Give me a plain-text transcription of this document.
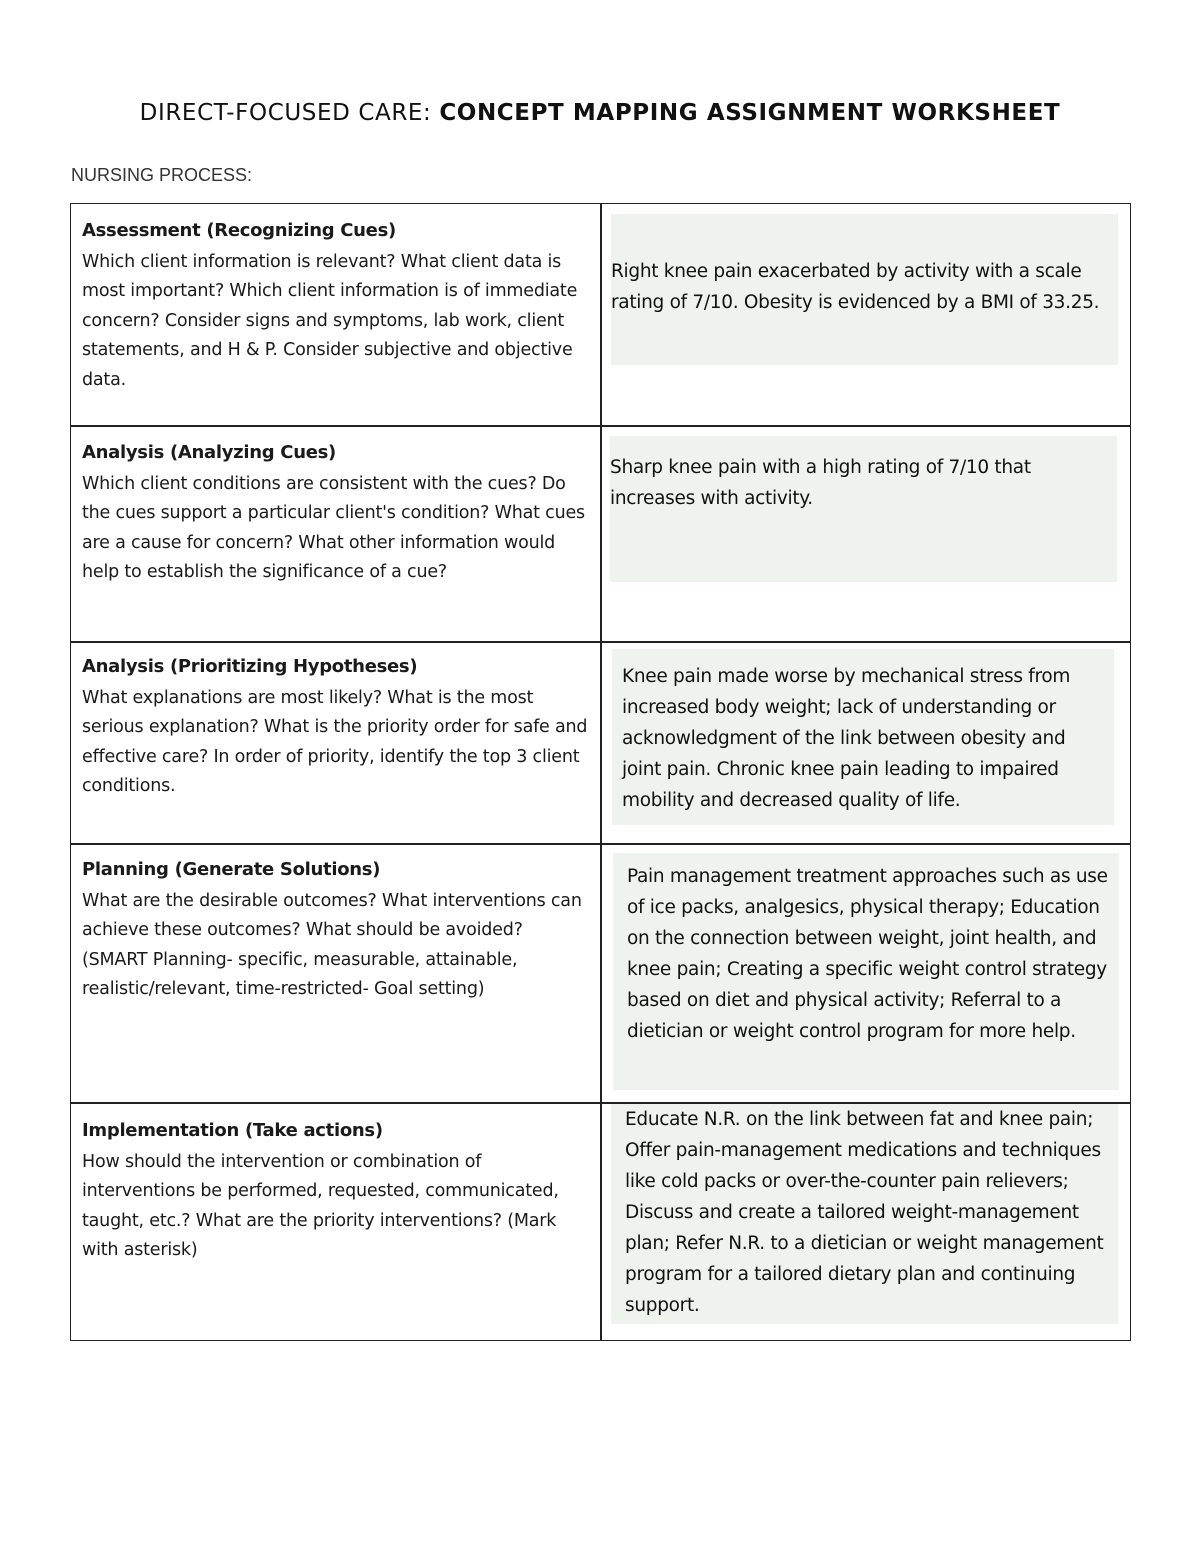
DIRECT-FOCUSED CARE: CONCEPT MAPPING ASSIGNMENT WORKSHEET
NURSING PROCESS:
Assessment (Recognizing Cues)
Which client information is relevant? What client data is most important? Which client information is of immediate concern? Consider signs and symptoms, lab work, client statements, and H & P. Consider subjective and objective data.
Right knee pain exacerbated by activity with a scale rating of 7/10. Obesity is evidenced by a BMI of 33.25.
Analysis (Analyzing Cues)
Which client conditions are consistent with the cues? Do the cues support a particular client's condition? What cues are a cause for concern? What other information would help to establish the significance of a cue?
Sharp knee pain with a high rating of 7/10 that increases with activity.
Analysis (Prioritizing Hypotheses)
What explanations are most likely? What is the most serious explanation? What is the priority order for safe and effective care? In order of priority, identify the top 3 client conditions.
Knee pain made worse by mechanical stress from increased body weight; lack of understanding or acknowledgment of the link between obesity and joint pain. Chronic knee pain leading to impaired mobility and decreased quality of life.
Planning (Generate Solutions)
What are the desirable outcomes? What interventions can achieve these outcomes? What should be avoided? (SMART Planning- specific, measurable, attainable, realistic/relevant, time-restricted- Goal setting)
Pain management treatment approaches such as use of ice packs, analgesics, physical therapy; Education on the connection between weight, joint health, and knee pain; Creating a specific weight control strategy based on diet and physical activity; Referral to a dietician or weight control program for more help.
Implementation (Take actions)
How should the intervention or combination of interventions be performed, requested, communicated, taught, etc.? What are the priority interventions? (Mark with asterisk)
Educate N.R. on the link between fat and knee pain; Offer pain-management medications and techniques like cold packs or over-the-counter pain relievers; Discuss and create a tailored weight-management plan; Refer N.R. to a dietician or weight management program for a tailored dietary plan and continuing support.
